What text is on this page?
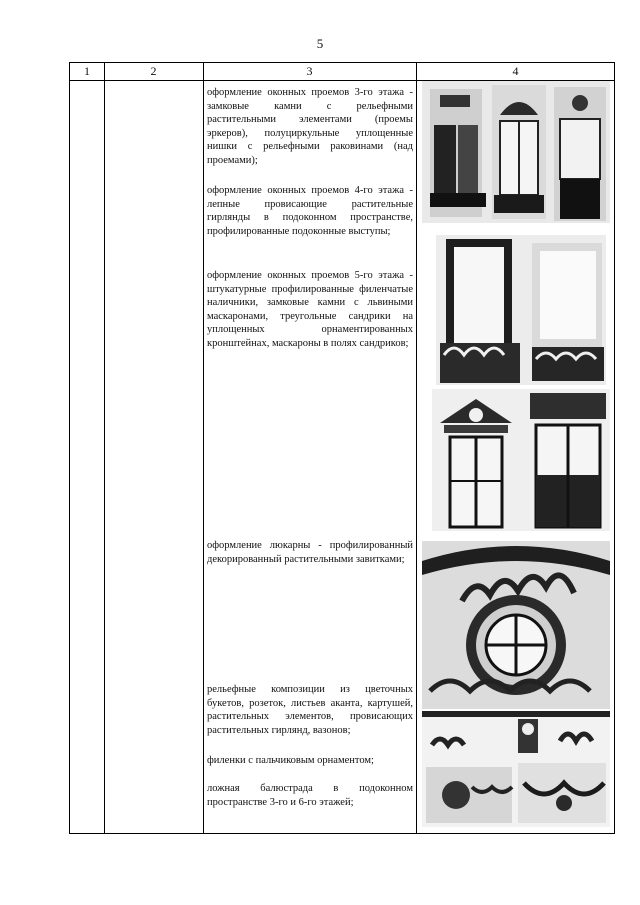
5
1	2	3	4
оформление оконных проемов 3-го этажа - замковые камни с рельефными растительными элементами (проемы эркеров), полуциркульные уплощенные нишки с рельефными раковинами (над проемами);
оформление оконных проемов 4-го этажа - лепные провисающие растительные гирлянды в подоконном пространстве, профилированные подоконные выступы;
оформление оконных проемов 5-го этажа - штукатурные профилированные филенчатые наличники, замковые камни с львиными маскаронами, треугольные сандрики на уплощенных орнаментированных кронштейнах, маскароны в полях сандриков;
оформление люкарны - профилированный декорированный растительными завитками;
рельефные композиции из цветочных букетов, розеток, листьев аканта, картушей, растительных элементов, провисающих растительных гирлянд, вазонов;
филенки с пальчиковым орнаментом;
ложная балюстрада в подоконном пространстве 3-го и 6-го этажей;
